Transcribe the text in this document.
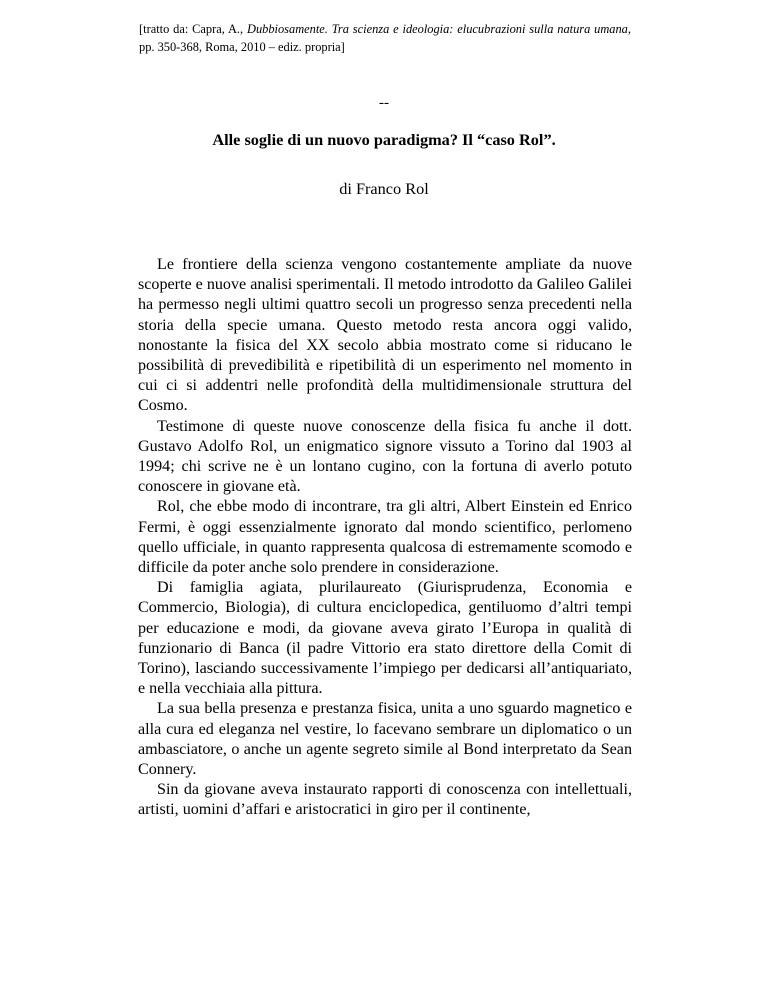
[tratto da: Capra, A., Dubbiosamente. Tra scienza e ideologia: elucubrazioni sulla natura umana, pp. 350-368, Roma, 2010 – ediz. propria]
--
Alle soglie di un nuovo paradigma? Il “caso Rol”.
di Franco Rol

Le frontiere della scienza vengono costantemente ampliate da nuove scoperte e nuove analisi sperimentali. Il metodo introdotto da Galileo Galilei ha permesso negli ultimi quattro secoli un progresso senza precedenti nella storia della specie umana. Questo metodo resta ancora oggi valido, nonostante la fisica del XX secolo abbia mostrato come si riducano le possibilità di prevedibilità e ripetibilità di un esperimento nel momento in cui ci si addentri nelle profondità della multidimensionale struttura del Cosmo.

Testimone di queste nuove conoscenze della fisica fu anche il dott. Gustavo Adolfo Rol, un enigmatico signore vissuto a Torino dal 1903 al 1994; chi scrive ne è un lontano cugino, con la fortuna di averlo potuto conoscere in giovane età.

Rol, che ebbe modo di incontrare, tra gli altri, Albert Einstein ed Enrico Fermi, è oggi essenzialmente ignorato dal mondo scientifico, perlomeno quello ufficiale, in quanto rappresenta qualcosa di estremamente scomodo e difficile da poter anche solo prendere in considerazione.

Di famiglia agiata, plurilaureato (Giurisprudenza, Economia e Commercio, Biologia), di cultura enciclopedica, gentiluomo d’altri tempi per educazione e modi, da giovane aveva girato l’Europa in qualità di funzionario di Banca (il padre Vittorio era stato direttore della Comit di Torino), lasciando successivamente l’impiego per dedicarsi all’antiquariato, e nella vecchiaia alla pittura.

La sua bella presenza e prestanza fisica, unita a uno sguardo magnetico e alla cura ed eleganza nel vestire, lo facevano sembrare un diplomatico o un ambasciatore, o anche un agente segreto simile al Bond interpretato da Sean Connery.

Sin da giovane aveva instaurato rapporti di conoscenza con intellettuali, artisti, uomini d’affari e aristocratici in giro per il continente,
